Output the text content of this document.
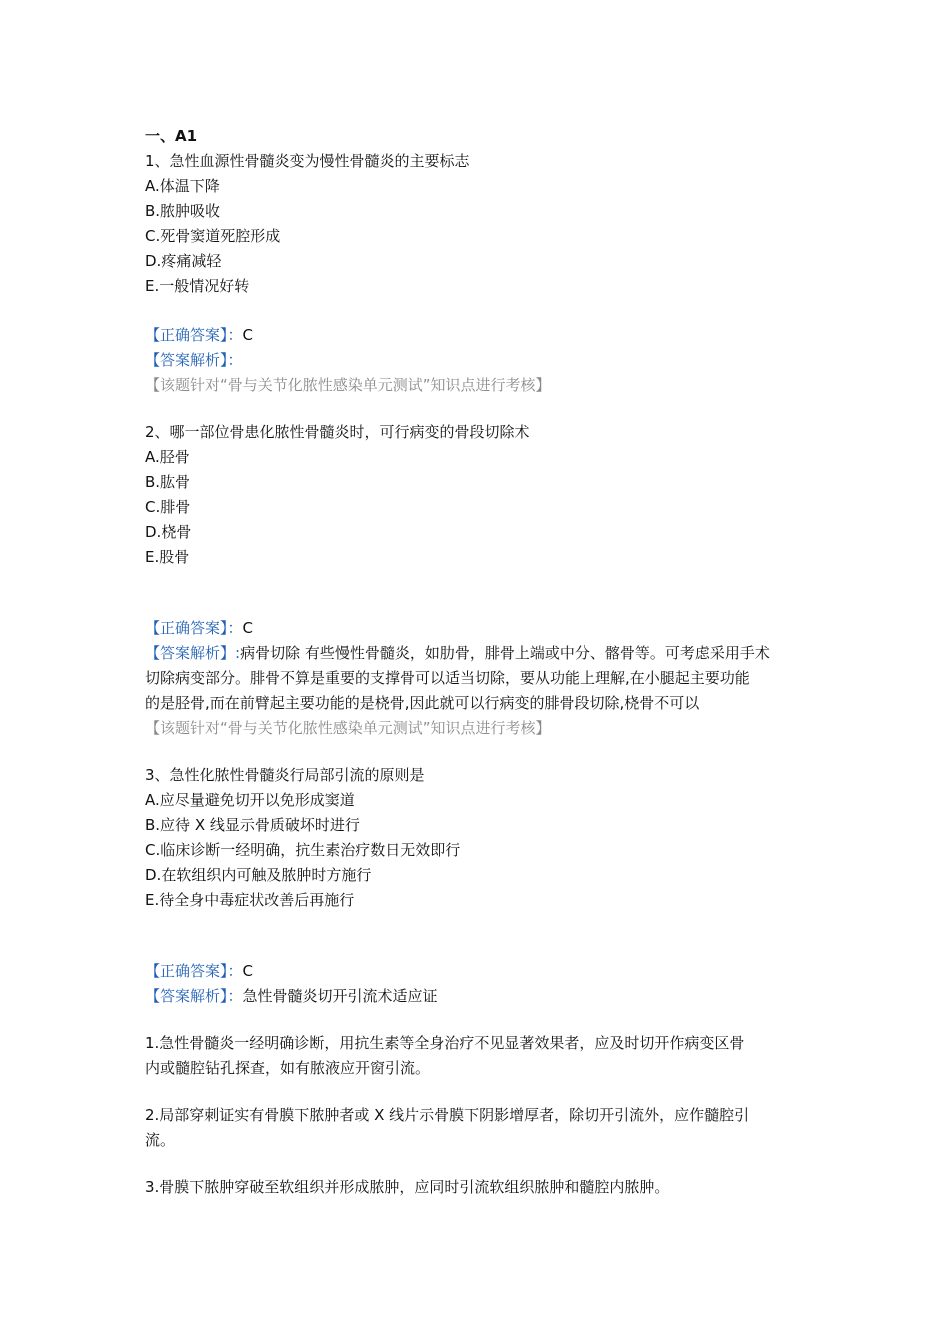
一、A1

1、急性血源性骨髓炎变为慢性骨髓炎的主要标志

A.体温下降

B.脓肿吸收

C.死骨窦道死腔形成

D.疼痛减轻

E.一般情况好转

【正确答案】：C

【答案解析】：

【该题针对“骨与关节化脓性感染单元测试”知识点进行考核】

2、哪一部位骨患化脓性骨髓炎时，可行病变的骨段切除术

A.胫骨

B.肱骨

C.腓骨

D.桡骨

E.股骨

【正确答案】：C

【答案解析】:病骨切除 有些慢性骨髓炎，如肋骨，腓骨上端或中分、髂骨等。可考虑采用手术

切除病变部分。腓骨不算是重要的支撑骨可以适当切除，要从功能上理解,在小腿起主要功能

的是胫骨,而在前臂起主要功能的是桡骨,因此就可以行病变的腓骨段切除,桡骨不可以

【该题针对“骨与关节化脓性感染单元测试”知识点进行考核】

3、急性化脓性骨髓炎行局部引流的原则是

A.应尽量避免切开以免形成窦道

B.应待 X 线显示骨质破坏时进行

C.临床诊断一经明确，抗生素治疗数日无效即行

D.在软组织内可触及脓肿时方施行

E.待全身中毒症状改善后再施行

【正确答案】：C

【答案解析】：急性骨髓炎切开引流术适应证

1.急性骨髓炎一经明确诊断，用抗生素等全身治疗不见显著效果者，应及时切开作病变区骨

内或髓腔钻孔探查，如有脓液应开窗引流。

2.局部穿刺证实有骨膜下脓肿者或 X 线片示骨膜下阴影增厚者，除切开引流外，应作髓腔引

流。

3.骨膜下脓肿穿破至软组织并形成脓肿，应同时引流软组织脓肿和髓腔内脓肿。
